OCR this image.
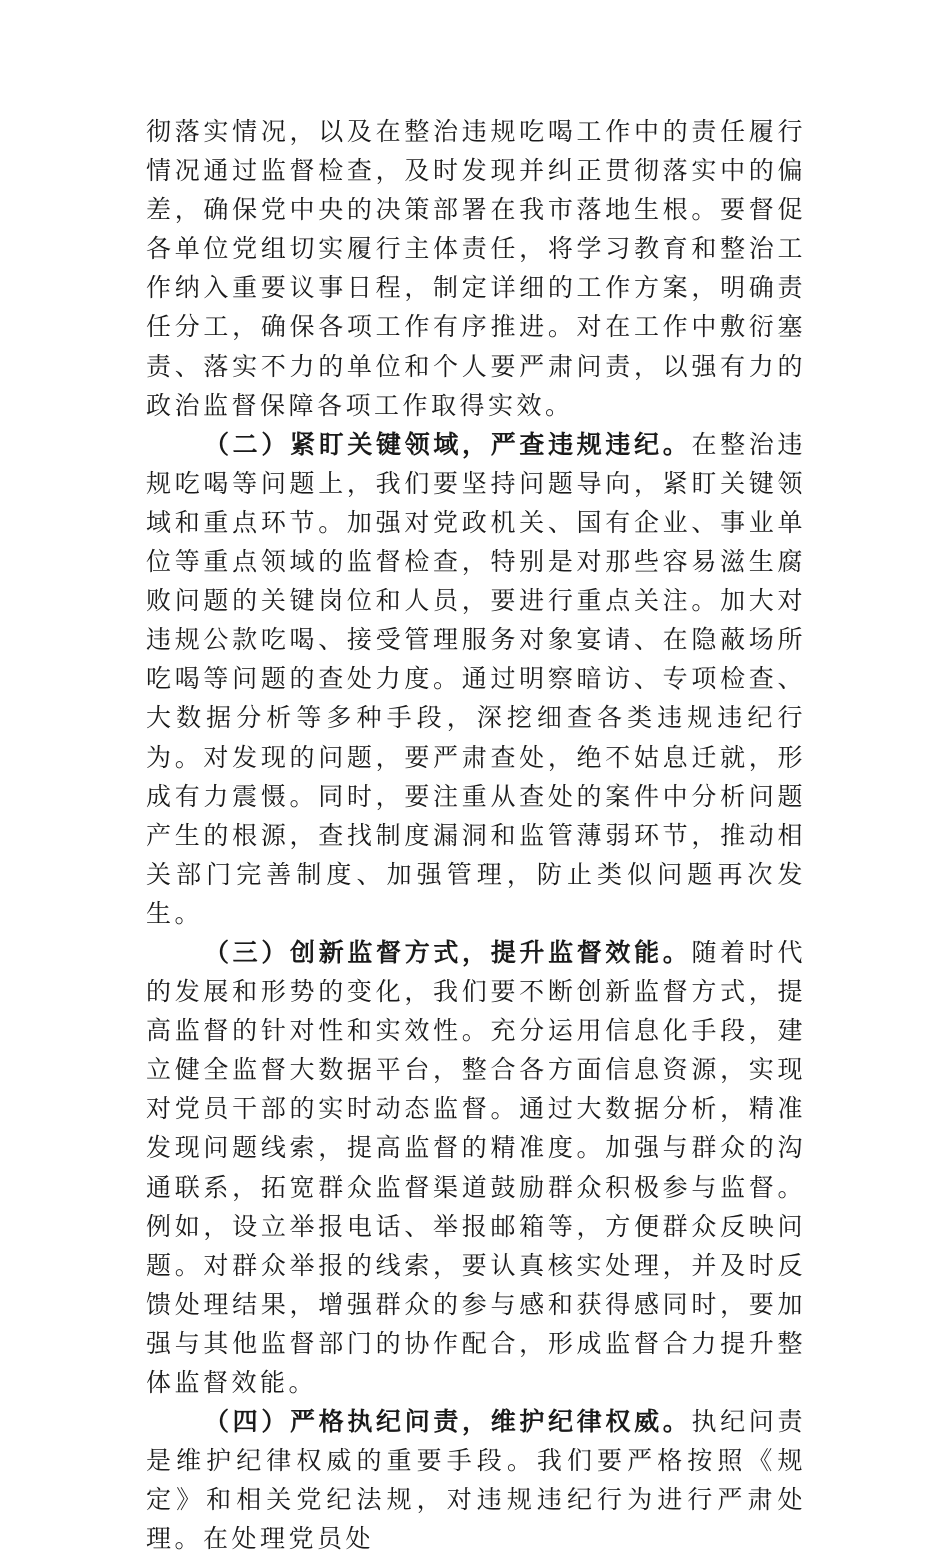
彻落实情况，以及在整治违规吃喝工作中的责任履行情况通过监督检查，及时发现并纠正贯彻落实中的偏差，确保党中央的决策部署在我市落地生根。要督促各单位党组切实履行主体责任，将学习教育和整治工作纳入重要议事日程，制定详细的工作方案，明确责任分工，确保各项工作有序推进。对在工作中敷衍塞责、落实不力的单位和个人要严肃问责，以强有力的政治监督保障各项工作取得实效。

（二）紧盯关键领域，严查违规违纪。在整治违规吃喝等问题上，我们要坚持问题导向，紧盯关键领域和重点环节。加强对党政机关、国有企业、事业单位等重点领域的监督检查，特别是对那些容易滋生腐败问题的关键岗位和人员，要进行重点关注。加大对违规公款吃喝、接受管理服务对象宴请、在隐蔽场所吃喝等问题的查处力度。通过明察暗访、专项检查、大数据分析等多种手段，深挖细查各类违规违纪行为。对发现的问题，要严肃查处，绝不姑息迁就，形成有力震慑。同时，要注重从查处的案件中分析问题产生的根源，查找制度漏洞和监管薄弱环节，推动相关部门完善制度、加强管理，防止类似问题再次发生。

（三）创新监督方式，提升监督效能。随着时代的发展和形势的变化，我们要不断创新监督方式，提高监督的针对性和实效性。充分运用信息化手段，建立健全监督大数据平台，整合各方面信息资源，实现对党员干部的实时动态监督。通过大数据分析，精准发现问题线索，提高监督的精准度。加强与群众的沟通联系，拓宽群众监督渠道鼓励群众积极参与监督。例如，设立举报电话、举报邮箱等，方便群众反映问题。对群众举报的线索，要认真核实处理，并及时反馈处理结果，增强群众的参与感和获得感同时，要加强与其他监督部门的协作配合，形成监督合力提升整体监督效能。

（四）严格执纪问责，维护纪律权威。执纪问责是维护纪律权威的重要手段。我们要严格按照《规定》和相关党纪法规，对违规违纪行为进行严肃处理。在处理党员处
